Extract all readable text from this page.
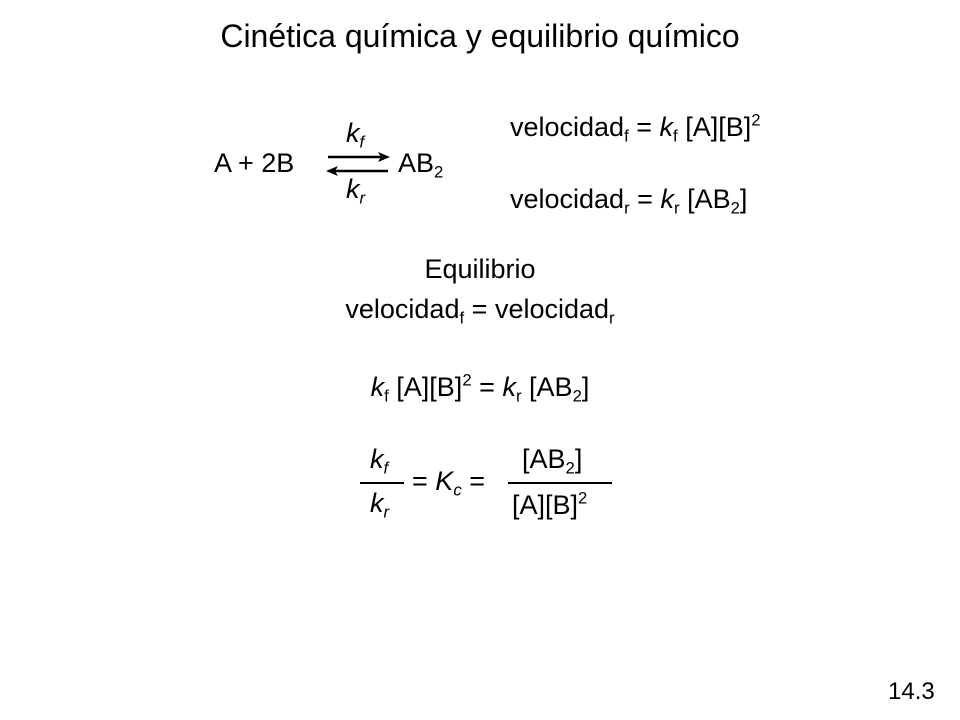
Cinética química y equilibrio químico
A + 2B
$k_f$
$k_r$
$AB_2$
velocidad$_f$ = $k_f$ $[A][B]^2$
velocidad$_r$ = $k_r$ $[AB_2]$
Equilibrio
velocidad$_f$ = velocidad$_r$
$k_f$ $[A][B]^2 = k_r$ $[AB_2]$
$k_f$
$k_r$
= $K_c$ =
$[AB_2]$
$[A][B]^2$
14.3
